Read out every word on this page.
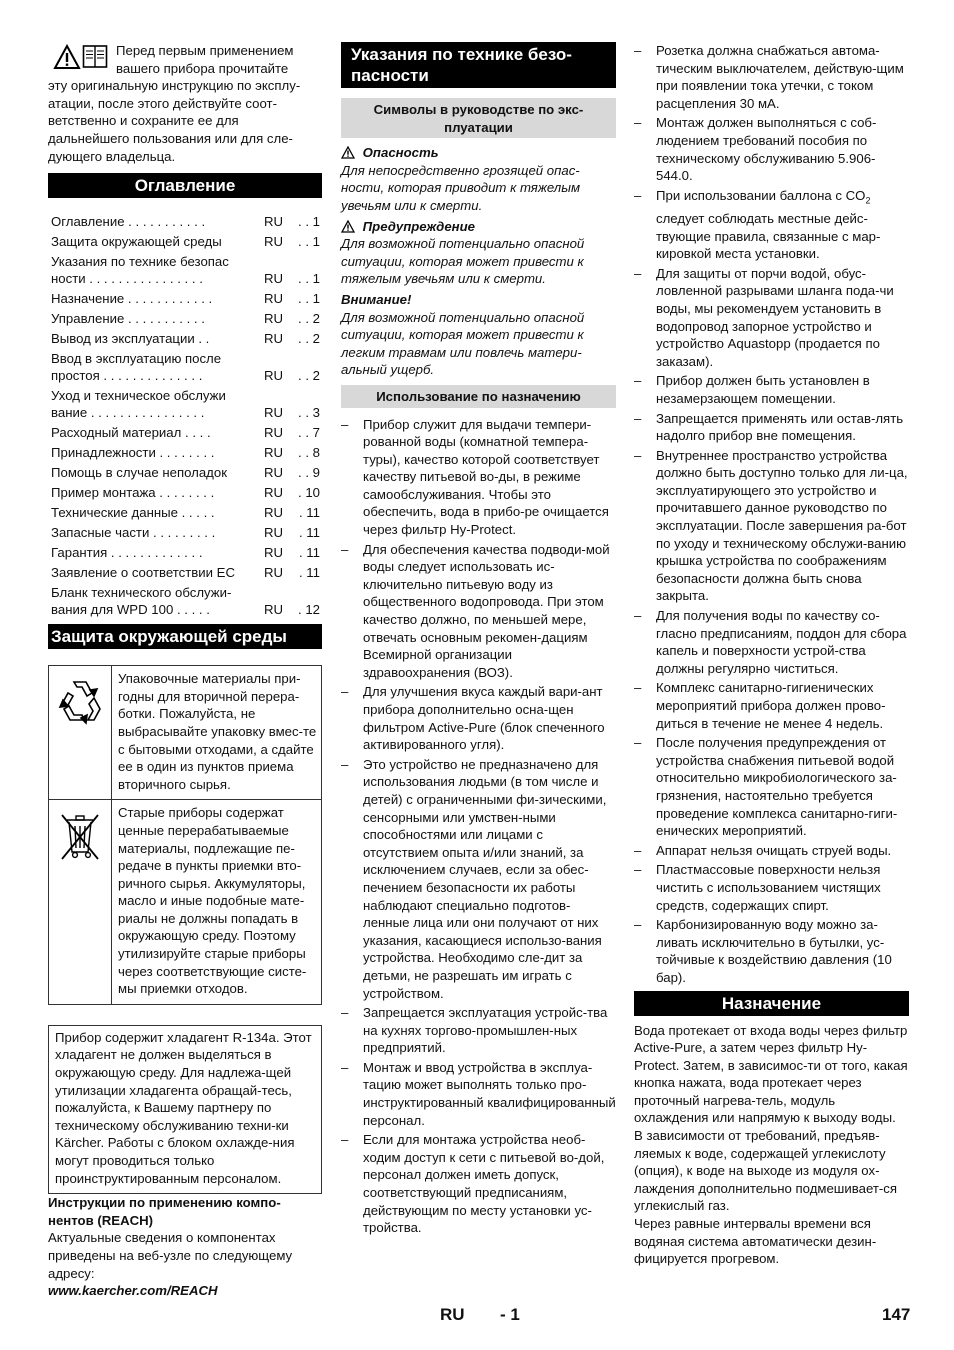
Перед первым применением

вашего прибора прочитайте

эту оригинальную инструкцию по эксплу-атации, после этого действуйте соот-ветственно и сохраните ее для дальнейшего пользования или для сле-дующего владельца.

Оглавление
Оглавление . . . . . . . . . . .	RU	. . 1
Защита окружающей среды	RU	. . 1
Указания по технике безопас ности . . . . . . . . . . . . . . . .	RU	. . 1
Назначение . . . . . . . . . . . .	RU	. . 1
Управление . . . . . . . . . . .	RU	. . 2
Вывод из эксплуатации . .	RU	. . 2
Ввод в эксплуатацию после простоя . . . . . . . . . . . . . .	RU	. . 2
Уход и техническое обслужи вание . . . . . . . . . . . . . . . .	RU	. . 3
Расходный материал . . . .	RU	. . 7
Принадлежности . . . . . . . .	RU	. . 8
Помощь в случае неполадок	RU	. . 9
Пример монтажа . . . . . . . .	RU	. 10
Технические данные . . . . .	RU	. 11
Запасные части . . . . . . . . .	RU	. 11
Гарантия . . . . . . . . . . . . .	RU	. 11
Заявление о соответствии EC	RU	. 11
Бланк технического обслужи-вания для WPD 100 . . . . .	RU	. 12
Защита окружающей среды
	Упаковочные материалы при-годны для вторичной перера-ботки. Пожалуйста, не выбрасывайте упаковку вмес-те с бытовыми отходами, а сдайте ее в один из пунктов приема вторичного сырья.
	Старые приборы содержат ценные перерабатываемые материалы, подлежащие пе-редаче в пункты приемки вто-ричного сырья. Аккумуляторы, масло и иные подобные мате-риалы не должны попадать в окружающую среду. Поэтому утилизируйте старые приборы через соответствующие систе-мы приемки отходов.

Прибор содержит хладагент R-134a. Этот хладагент не должен выделяться в окружающую среду. Для надлежа-щей утилизации хладагента обращай-тесь, пожалуйста, к Вашему партнеру по техническому обслуживанию техни-ки Kärcher. Работы с блоком охлажде-ния могут проводиться только проинструктированным персоналом.

Инструкции по применению компо-нентов (REACH)

Актуальные сведения о компонентах приведены на веб-узле по следующему адресу:

www.kaercher.com/REACH

Указания по технике безо-пасности
Символы в руководстве по экс-плуатации

Опасность

Для непосредственно грозящей опас-ности, которая приводит к тяжелым увечьям или к смерти.

Предупреждение

Для возможной потенциально опасной ситуации, которая может привести к тяжелым увечьям или к смерти.

Внимание!

Для возможной потенциально опасной ситуации, которая может привести к легким травмам или повлечь матери-альный ущерб.

Использование по назначению
– Прибор служит для выдачи темпери-рованной воды (комнатной темпера-туры), качество которой соответствует качеству питьевой во-ды, в режиме самообслуживания. Чтобы это обеспечить, вода в прибо-ре очищается через фильтр Hy-Protect.
– Для обеспечения качества подводи-мой воды следует использовать ис-ключительно питьевую воду из общественного водопровода. При этом качество должно, по меньшей мере, отвечать основным рекомен-дациям Всемирной организации здравоохранения (ВОЗ).
– Для улучшения вкуса каждый вари-ант прибора дополнительно осна-щен фильтром Active-Pure (блок спеченного активированного угля).
– Это устройство не предназначено для использования людьми (в том числе и детей) с ограниченными фи-зическими, сенсорными или умствен-ными способностями или лицами с отсутствием опыта и/или знаний, за исключением случаев, если за обес-печением безопасности их работы наблюдают специально подготов-ленные лица или они получают от них указания, касающиеся использо-вания устройства. Необходимо сле-дит за детьми, не разрешать им играть с устройством.
– Запрещается эксплуатация устройс-тва на кухнях торгово-промышлен-ных предприятий.
– Монтаж и ввод устройства в эксплуа-тацию может выполнять только про-инструктированный квалифицированный персонал.
– Если для монтажа устройства необ-ходим доступ к сети с питьевой во-дой, персонал должен иметь допуск, соответствующий предписаниям, действующим по месту установки ус-тройства.
– Розетка должна снабжаться автома-тическим выключателем, действую-щим при появлении тока утечки, с током расцепления 30 мА.
– Монтаж должен выполняться с соб-людением требований пособия по техническому обслуживанию 5.906-544.0.
– При использовании баллона с $CO_2$ следует соблюдать местные дейс-твующие правила, связанные с мар-кировкой места установки.
– Для защиты от порчи водой, обус-ловленной разрывами шланга пода-чи воды, мы рекомендуем установить в водопровод запорное устройство и устройство Aquastopp (продается по заказам).
– Прибор должен быть установлен в незамерзающем помещении.
– Запрещается применять или остав-лять надолго прибор вне помещения.
– Внутреннее пространство устройства должно быть доступно только для ли-ца, эксплуатирующего это устройство и прочитавшего данное руководство по эксплуатации. После завершения ра-бот по уходу и техническому обслужи-ванию крышка устройства по соображениям безопасности должна быть снова закрыта.
– Для получения воды по качеству со-гласно предписаниям, поддон для сбора капель и поверхности устрой-ства должны регулярно чиститься.
– Комплекс санитарно-гигиенических мероприятий прибора должен прово-диться в течение не менее 4 недель.
– После получения предупреждения от устройства снабжения питьевой водой относительно микробиологического за-грязнения, настоятельно требуется проведение комплекса санитарно-гиги-енических мероприятий.
– Аппарат нельзя очищать струей воды.
– Пластмассовые поверхности нельзя чистить с использованием чистящих средств, содержащих спирт.
– Карбонизированную воду можно за-ливать исключительно в бутылки, ус-тойчивые к воздействию давления (10 бар).
Назначение

Вода протекает от входа воды через фильтр Active-Pure, а затем через фильтр Hy-Protect. Затем, в зависимос-ти от того, какая кнопка нажата, вода протекает через проточный нагрева-тель, модуль охлаждения или напрямую к выходу воды.

В зависимости от требований, предъяв-ляемых к воде, содержащей углекислоту (опция), к воде на выходе из модуля ох-лаждения дополнительно подмешивает-ся углекислый газ.

Через равные интервалы времени вся водяная система автоматически дезин-фицируется прогревом.

RU - 1	147
